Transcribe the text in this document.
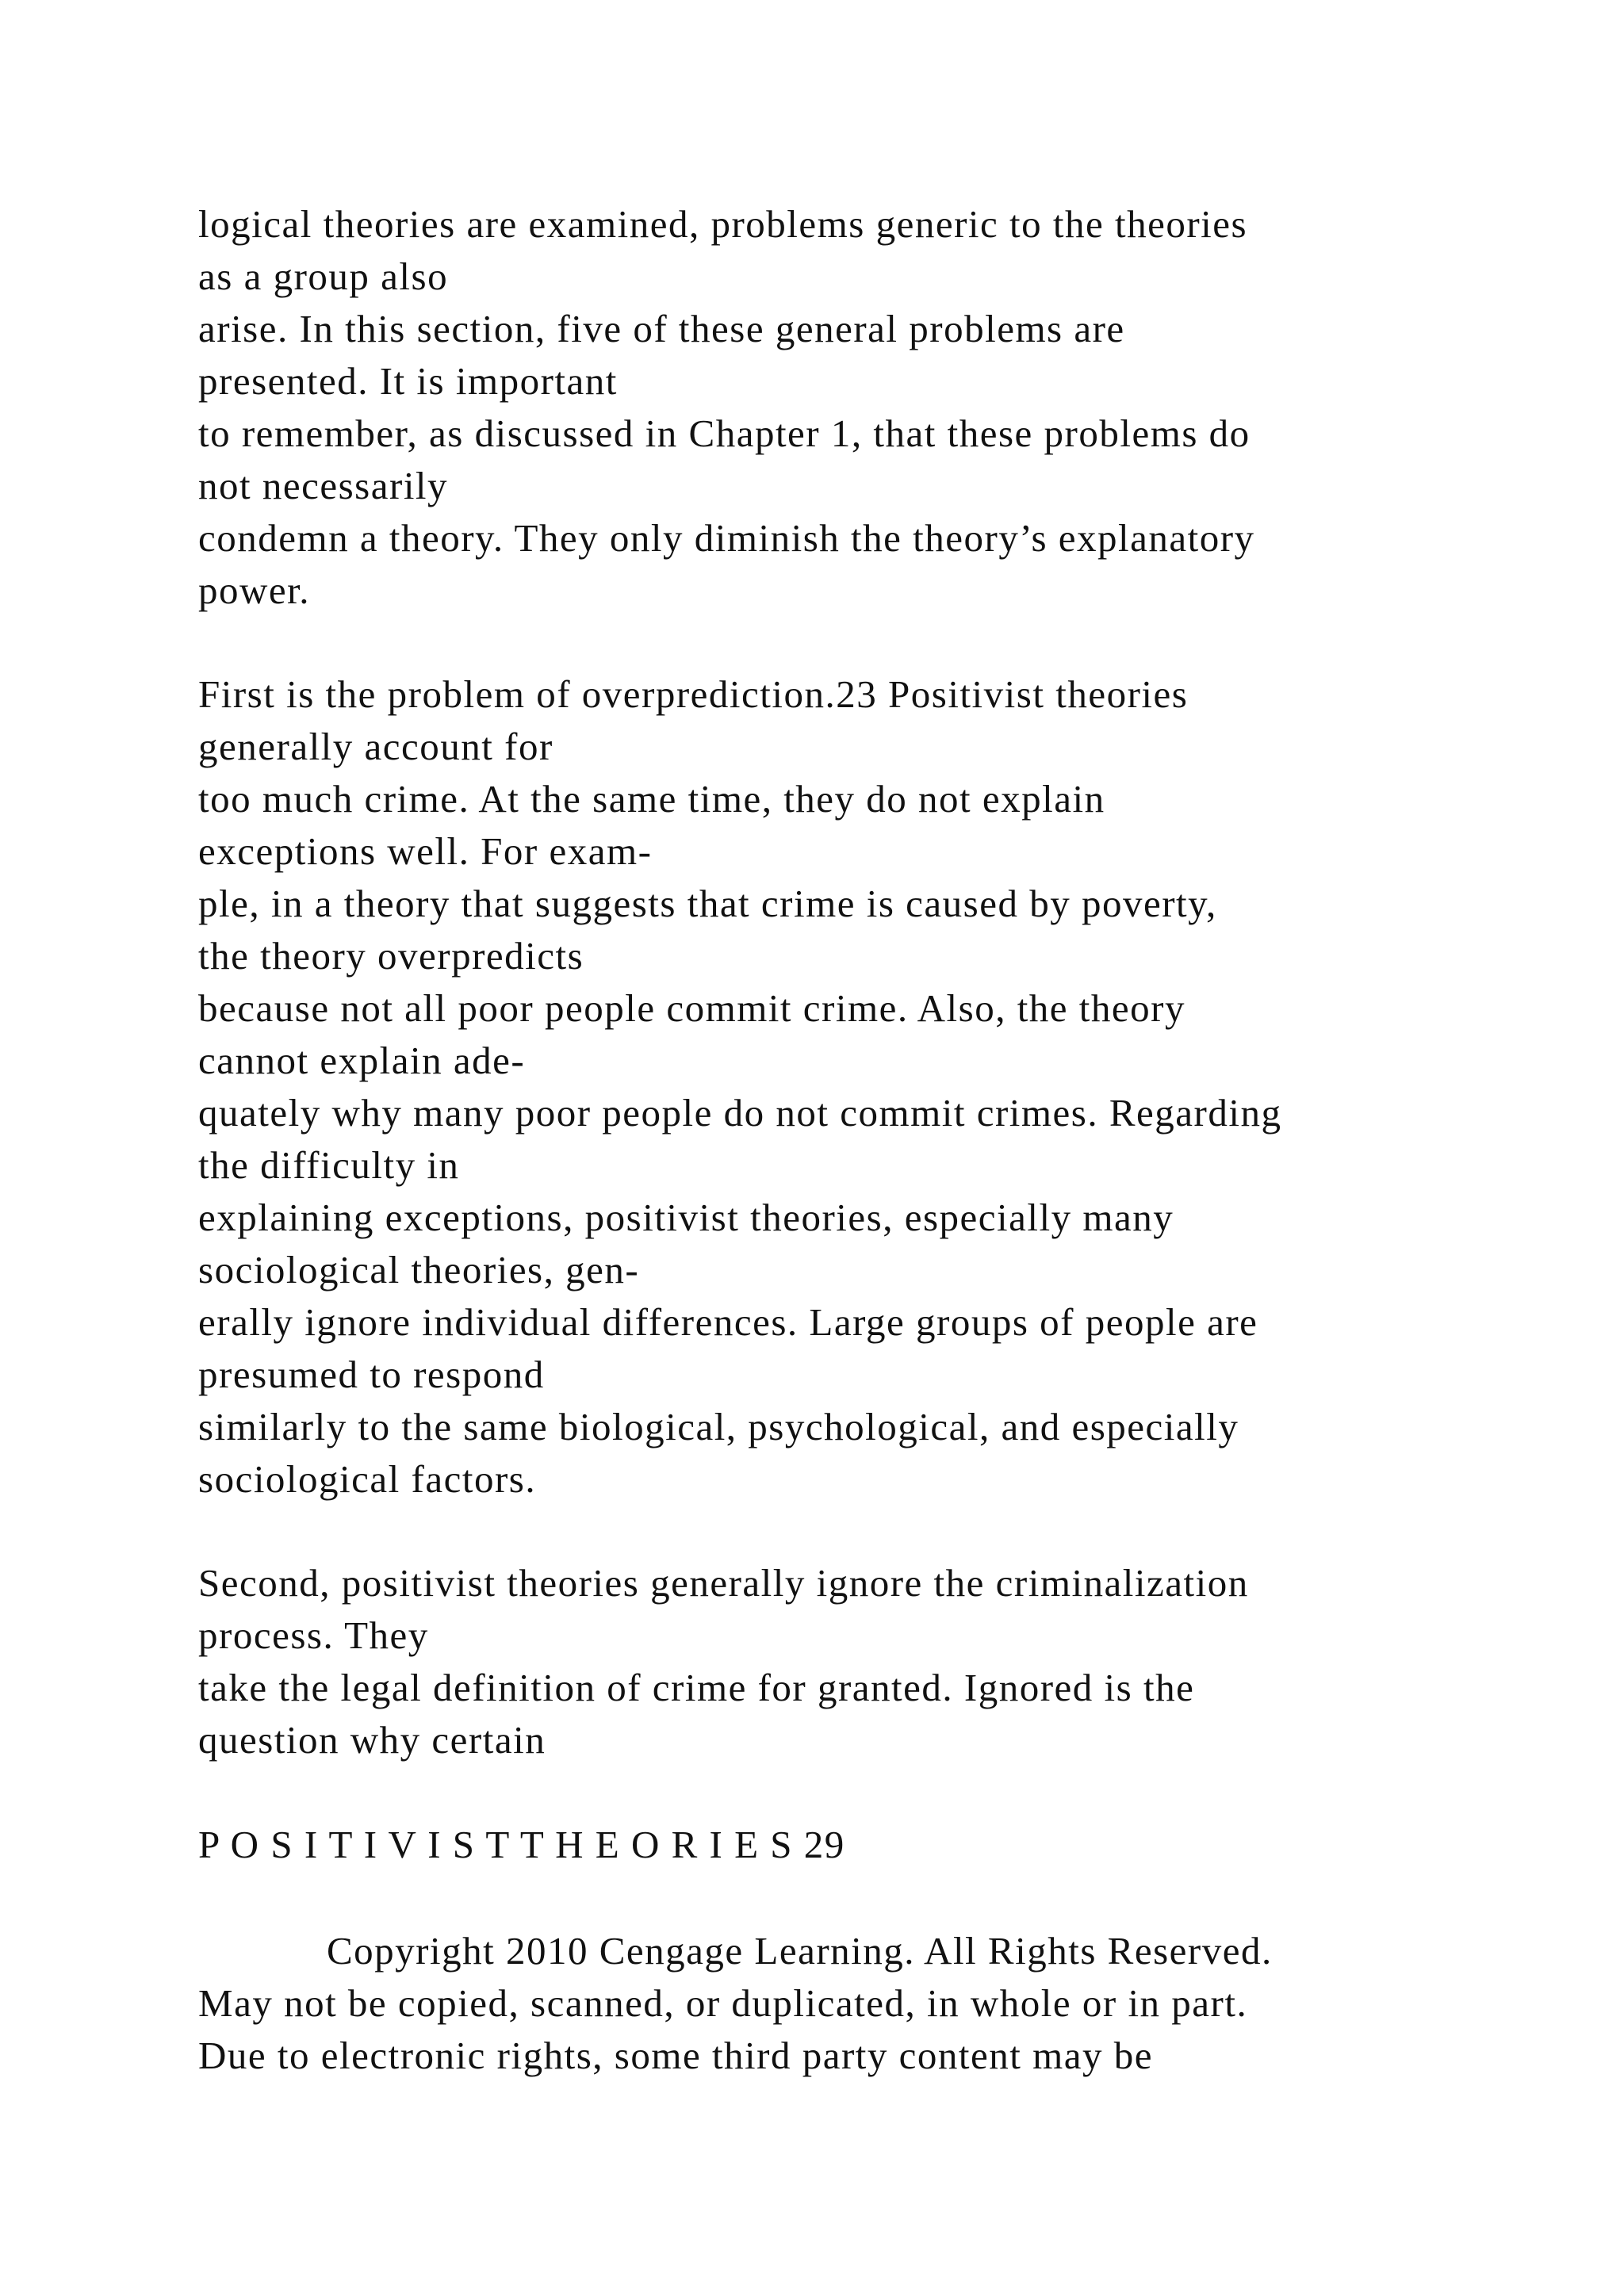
logical theories are examined, problems generic to the theories
as a group also
arise. In this section, five of these general problems are
presented. It is important
to remember, as discussed in Chapter 1, that these problems do
not necessarily
condemn a theory. They only diminish the theory’s explanatory
power.
First is the problem of overprediction.23 Positivist theories
generally account for
too much crime. At the same time, they do not explain
exceptions well. For exam-
ple, in a theory that suggests that crime is caused by poverty,
the theory overpredicts
because not all poor people commit crime. Also, the theory
cannot explain ade-
quately why many poor people do not commit crimes. Regarding
the difficulty in
explaining exceptions, positivist theories, especially many
sociological theories, gen-
erally ignore individual differences. Large groups of people are
presumed to respond
similarly to the same biological, psychological, and especially
sociological factors.
Second, positivist theories generally ignore the criminalization
process. They
take the legal definition of crime for granted. Ignored is the
question why certain
P O S I T I V I S T T H E O R I E S 29
Copyright 2010 Cengage Learning. All Rights Reserved.
May not be copied, scanned, or duplicated, in whole or in part.
Due to electronic rights, some third party content may be
